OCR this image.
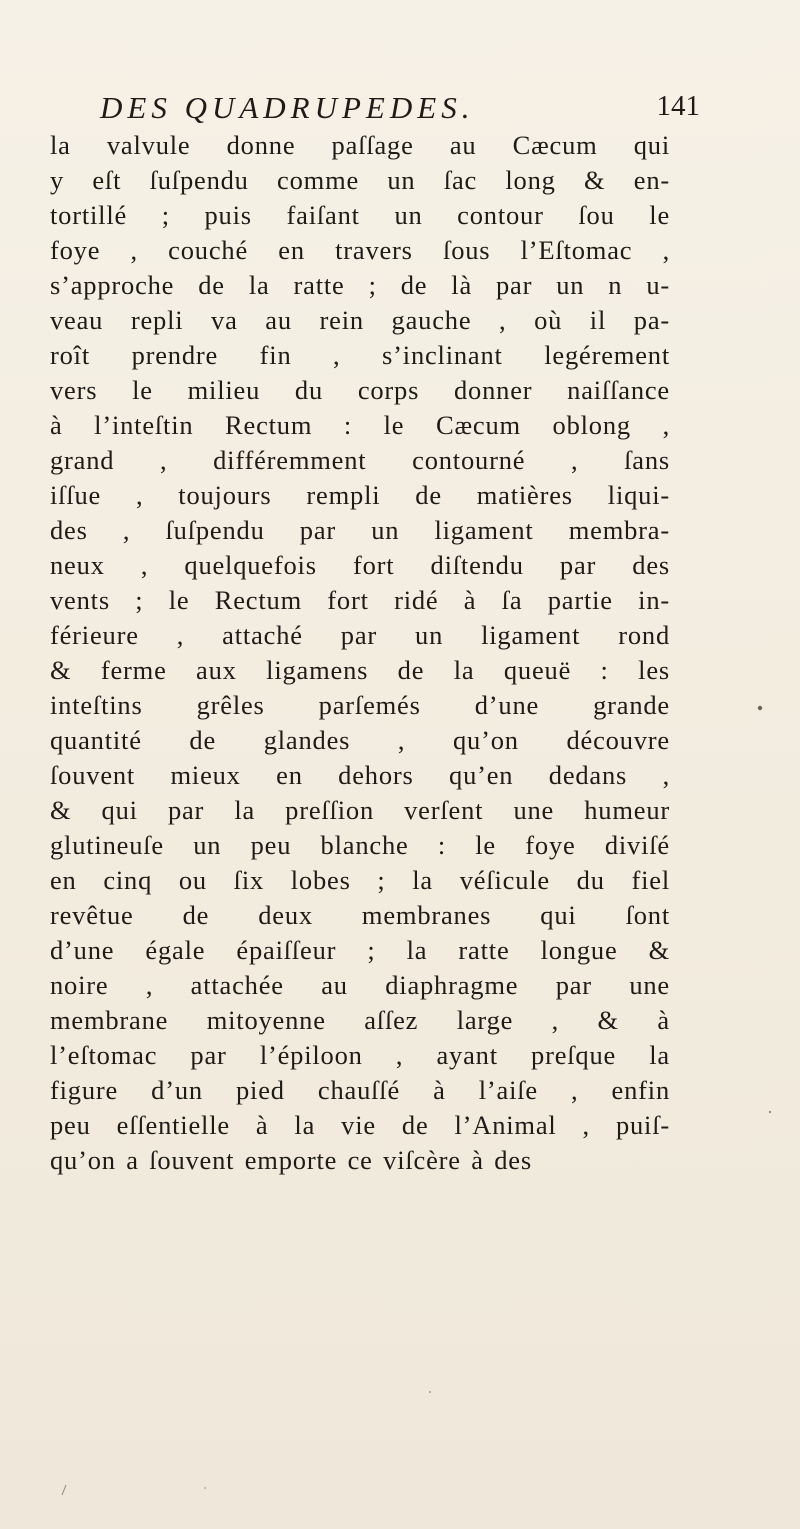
DES QUADRUPEDES.	141
la valvule donne paſſage au Cæcum qui
y eſt ſuſpendu comme un ſac long & en-
tortillé ; puis faiſant un contour ſou le
foye , couché en travers ſous l’Eſtomac ,
s’approche de la ratte ; de là par un n u-
veau repli va au rein gauche , où il pa-
roît prendre fin , s’inclinant legérement
vers le milieu du corps donner naiſſance
à l’inteſtin Rectum : le Cæcum oblong ,
grand , différemment contourné , ſans
iſſue , toujours rempli de matières liqui-
des , ſuſpendu par un ligament membra-
neux , quelquefois fort diſtendu par des
vents ; le Rectum fort ridé à ſa partie in-
férieure , attaché par un ligament rond
& ferme aux ligamens de la queuë : les
inteſtins grêles parſemés d’une grande
quantité de glandes , qu’on découvre
ſouvent mieux en dehors qu’en dedans ,
& qui par la preſſion verſent une humeur
glutineuſe un peu blanche : le foye diviſé
en cinq ou ſix lobes ; la véſicule du fiel
revêtue de deux membranes qui ſont
d’une égale épaiſſeur ; la ratte longue &
noire , attachée au diaphragme par une
membrane mitoyenne aſſez large , & à
l’eſtomac par l’épiloon , ayant preſque la
figure d’un pied chauſſé à l’aiſe , enfin
peu eſſentielle à la vie de l’Animal , puiſ-
qu’on a ſouvent emporte ce viſcère à des
